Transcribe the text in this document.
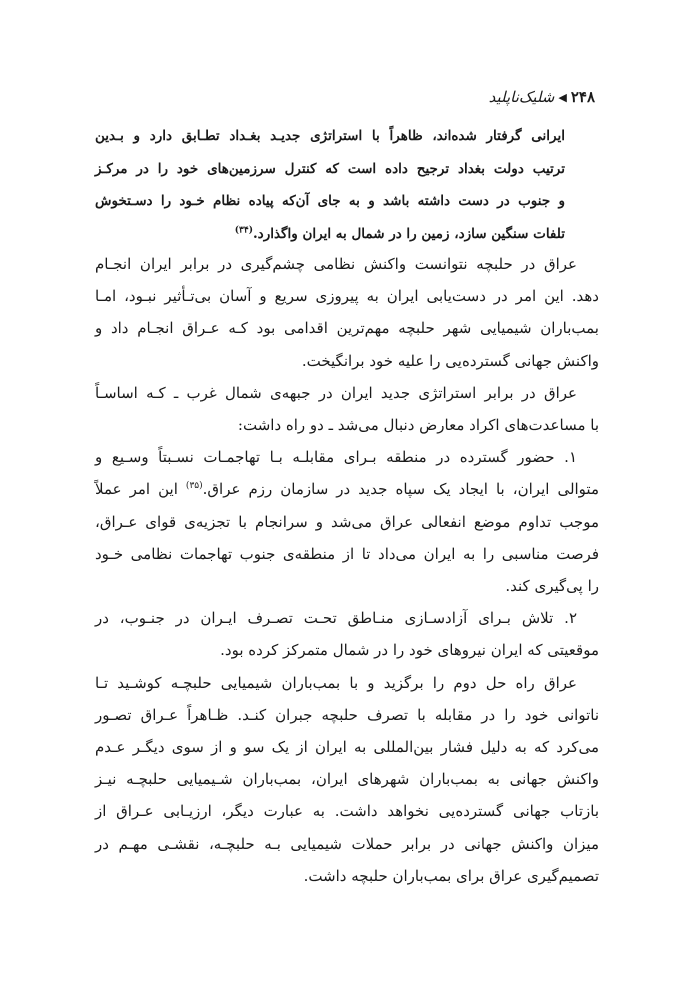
۲۴۸
◀
شلیک‌ناپلید
ایرانی گرفتار شده‌اند، ظاهراً با استراتژی جدیـد بغـداد تطـابق دارد و بـدین
ترتیب دولت بغداد ترجیح داده است که کنترل سرزمین‌های خود را در مرکـز
و جنوب در دست داشته باشد و به جای آن‌که پیاده نظام خـود را دسـتخوش
تلفات سنگین سازد، زمین را در شمال به ایران واگذارد.$^{(۳۴)}$

عراق در حلبچه نتوانست واکنش نظامی چشم‌گیری در برابر ایران انجـام
دهد. این امر در دست‌یابی ایران به پیروزی سریع و آسان بی‌تـأثیر نبـود، امـا
بمب‌باران شیمیایی شهر حلبچه مهم‌ترین اقدامی بود کـه عـراق انجـام داد و
واکنش جهانی گسترده‌یی را علیه خود برانگیخت.

عراق در برابر استراتژی جدید ایران در جبهه‌ی شمال غرب ـ کـه اساسـاً
با مساعدت‌های اکراد معارض دنبال می‌شد ـ دو راه داشت:

۱. حضور گسترده در منطقه بـرای مقابلـه بـا تهاجمـات نسـبتاً وسـیع و
متوالی ایران، با ایجاد یک سپاه جدید در سازمان رزم عراق.$^{(۳۵)}$ این امر عملاً
موجب تداوم موضع انفعالی عراق می‌شد و سرانجام با تجزیه‌ی قوای عـراق،
فرصت مناسبی را به ایران می‌داد تا از منطقه‌ی جنوب تهاجمات نظامی خـود
را پی‌گیری کند.

۲. تلاش بـرای آزادسـازی منـاطق تحـت تصـرف ایـران در جنـوب، در
موقعیتی که ایران نیروهای خود را در شمال متمرکز کرده بود.

عراق راه حل دوم را برگزید و با بمب‌باران شیمیایی حلبچـه کوشـید تـا
ناتوانی خود را در مقابله با تصرف حلبچه جبران کنـد. ظـاهراً عـراق تصـور
می‌کرد که به دلیل فشار بین‌المللی به ایران از یک سو و از سوی دیگـر عـدم
واکنش جهانی به بمب‌باران شهرهای ایران، بمب‌باران شـیمیایی حلبچـه نیـز
بازتاب جهانی گسترده‌یی نخواهد داشت. به عبارت دیگر، ارزیـابی عـراق از
میزان واکنش جهانی در برابر حملات شیمیایی بـه حلبچـه، نقشـی مهـم در
تصمیم‌گیری عراق برای بمب‌باران حلبچه داشت.
